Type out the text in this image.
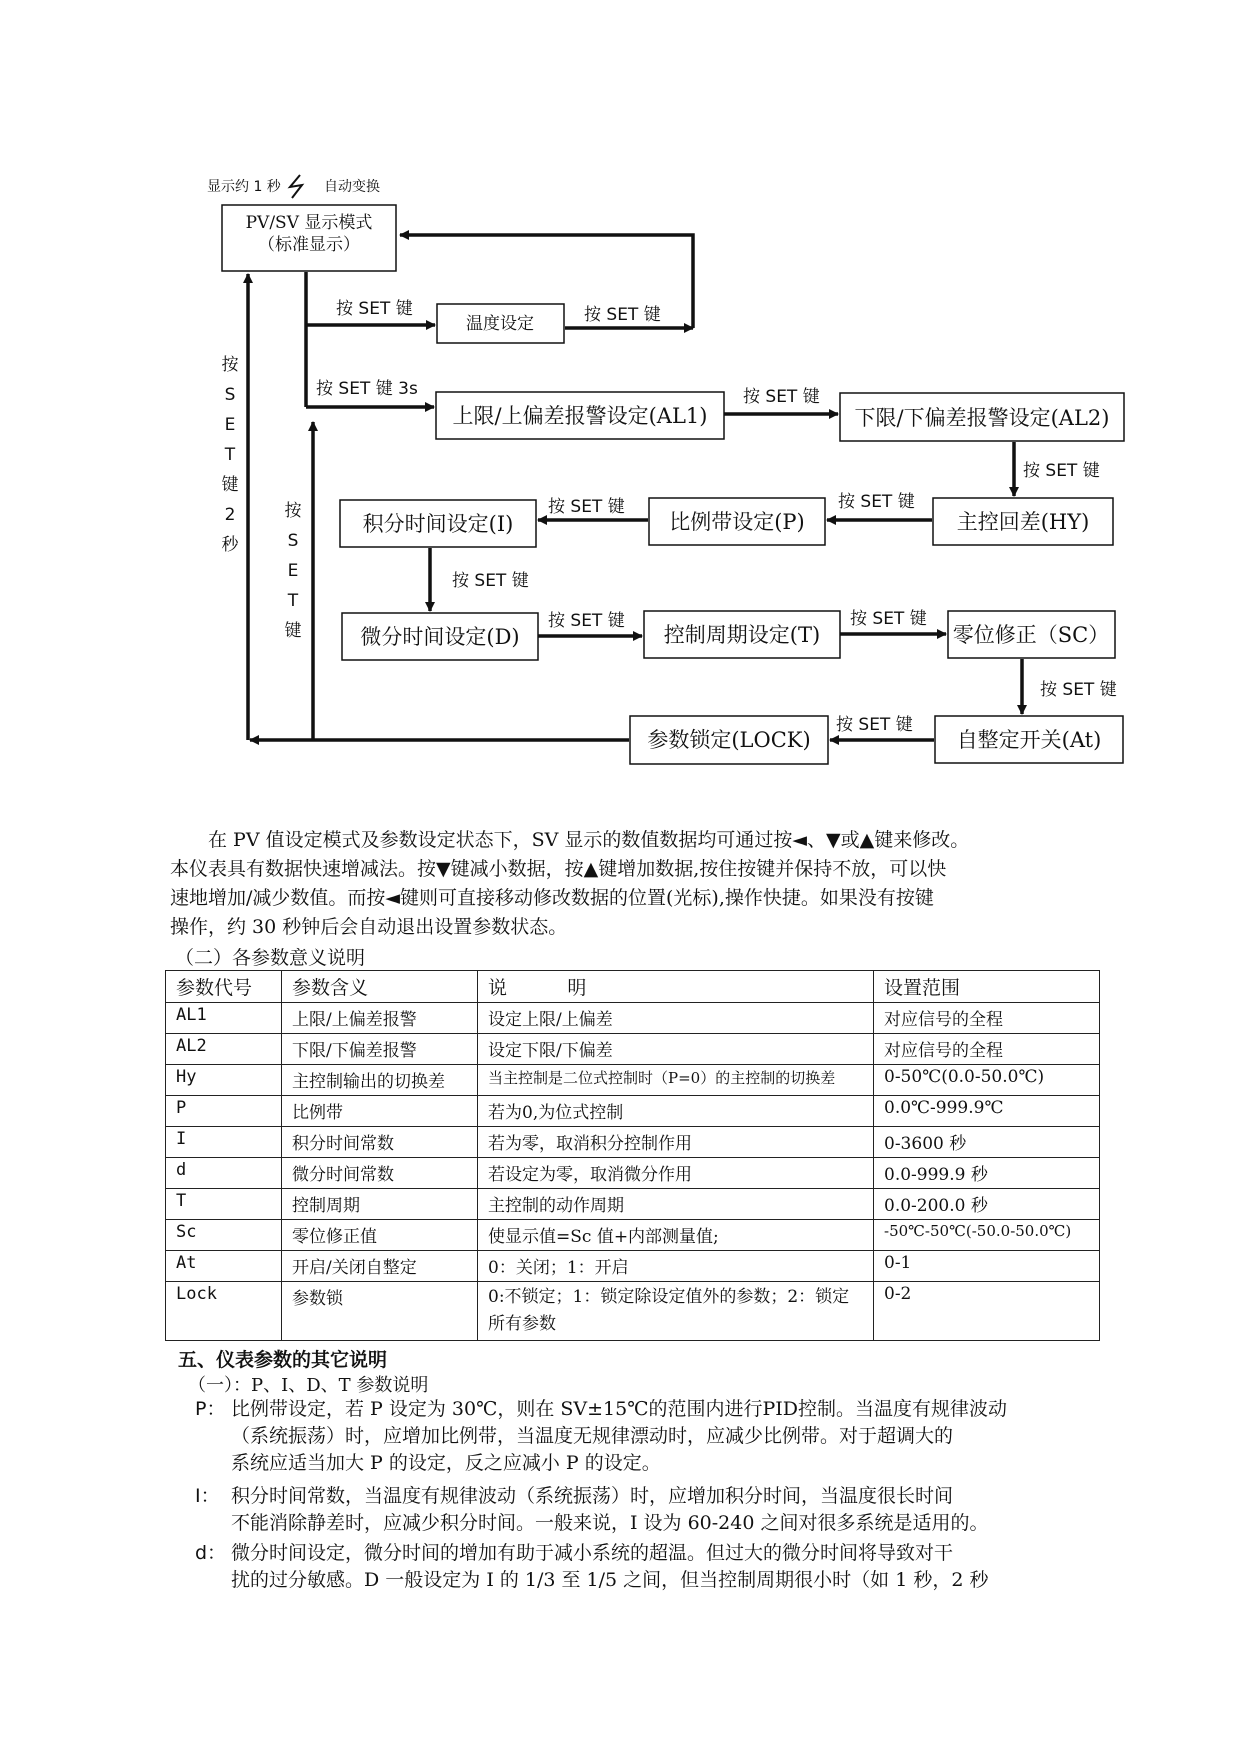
显示约 1 秒	自动变换
PV/SV 显示模式
（标准显示）
温度设定
上限/上偏差报警设定(AL1)	下限/下偏差报警设定(AL2)
主控回差(HY)
比例带设定(P)
积分时间设定(I)
微分时间设定(D)	控制周期设定(T)	零位修正（SC）
自整定开关(At)
参数锁定(LOCK)
按 SET 键	按 SET 键
按 SET 键 3s	按 SET 键
按 SET 键
按 SET 键
按 SET 键
按 SET 键
按 SET 键	按 SET 键
按 SET 键
按 SET 键
按
S
E
T
键
2
秒
按
S
E
T
键

在 PV 值设定模式及参数设定状态下，SV 显示的数值数据均可通过按◄、▼或▲键来修改。

本仪表具有数据快速增减法。按▼键减小数据，按▲键增加数据,按住按键并保持不放，可以快
速地增加/减少数值。而按◄键则可直接移动修改数据的位置(光标),操作快捷。如果没有按键
操作，约 30 秒钟后会自动退出设置参数状态。
（二）各参数意义说明
参数代号	参数含义	说          明	设置范围
AL1	上限/上偏差报警	设定上限/上偏差	对应信号的全程
AL2	下限/下偏差报警	设定下限/下偏差	对应信号的全程
Hy	主控制输出的切换差	当主控制是二位式控制时（P=0）的主控制的切换差	0-50℃(0.0-50.0℃)
P	比例带	若为0,为位式控制	0.0℃-999.9℃
I	积分时间常数	若为零，取消积分控制作用	0-3600 秒
d	微分时间常数	若设定为零，取消微分作用	0.0-999.9 秒
T	控制周期	主控制的动作周期	0.0-200.0 秒
Sc	零位修正值	使显示值=Sc 值+内部测量值;	-50℃-50℃(-50.0-50.0℃)
At	开启/关闭自整定	0：关闭；1：开启	0-1
Lock	参数锁	0:不锁定；1：锁定除设定值外的参数；2：锁定所有参数	0-2
五、仪表参数的其它说明
（一）：P、I、D、T 参数说明
P： 比例带设定，若 P 设定为 30℃，则在 SV±15℃的范围内进行PID控制。当温度有规律波动
（系统振荡）时，应增加比例带，当温度无规律漂动时，应减少比例带。对于超调大的
系统应适当加大 P 的设定，反之应减小 P 的设定。
I： 积分时间常数，当温度有规律波动（系统振荡）时，应增加积分时间，当温度很长时间
不能消除静差时，应减少积分时间。一般来说，I 设为 60-240 之间对很多系统是适用的。
d： 微分时间设定，微分时间的增加有助于减小系统的超温。但过大的微分时间将导致对干
扰的过分敏感。D 一般设定为 I 的 1/3 至 1/5 之间，但当控制周期很小时（如 1 秒，2 秒
